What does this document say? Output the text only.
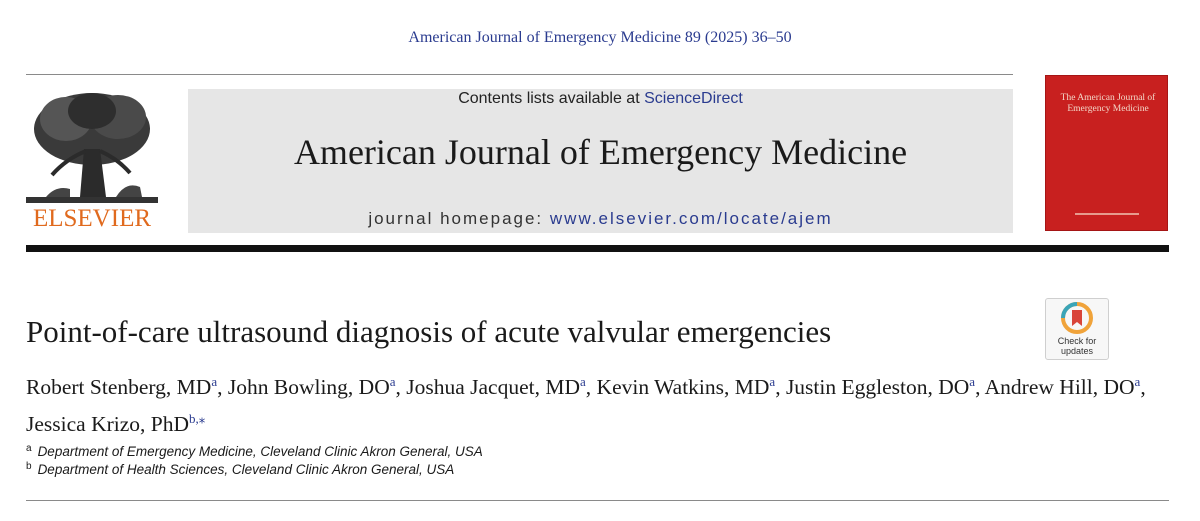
American Journal of Emergency Medicine 89 (2025) 36–50
ELSEVIER
Contents lists available at ScienceDirect
American Journal of Emergency Medicine
journal homepage: www.elsevier.com/locate/ajem
The American Journal of Emergency Medicine
Point-of-care ultrasound diagnosis of acute valvular emergencies	Check for updates
Robert Stenberg, $MD^a$, John Bowling, $DO^a$, Joshua Jacquet, $MD^a$, Kevin Watkins, $MD^a$, Justin Eggleston, $DO^a$, Andrew Hill, $DO^a$, Jessica Krizo, PhD$^{b,⁎}$
$^a$ Department of Emergency Medicine, Cleveland Clinic Akron General, USA
$^b$ Department of Health Sciences, Cleveland Clinic Akron General, USA
